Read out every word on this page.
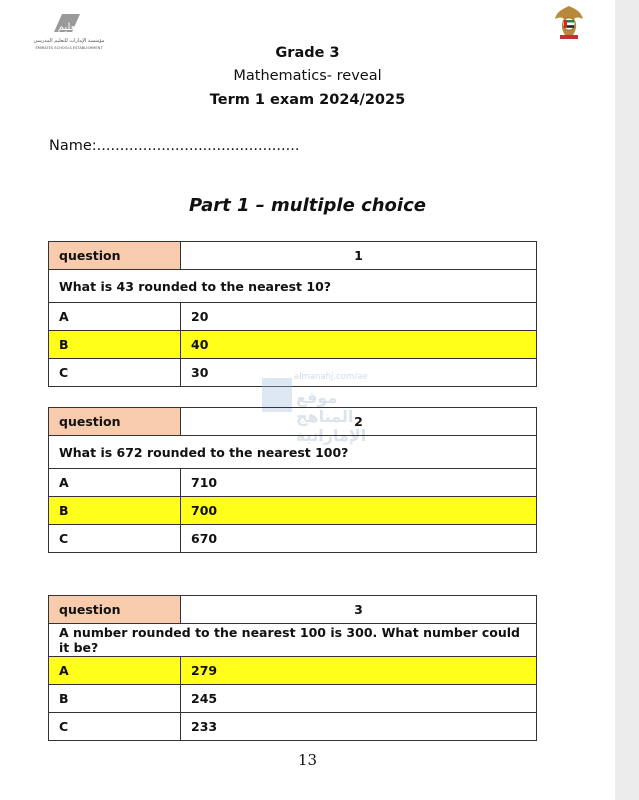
تعليم
مؤسسة الإمارات للتعليم المدرسي
EMIRATES SCHOOLS ESTABLISHMENT	Grade 3
Mathematics- reveal
Term 1 exam 2024/2025
Name:............................................
Part 1 – multiple choice
question	1
What is 43 rounded to the nearest 10?	
A	20
B	40
C	30	almanahj.com/ae
موقع المناهج الإماراتية
question	2
What is 672 rounded to the nearest 100?	
A	710
B	700
C	670
question	3
A number rounded to the nearest 100 is 300. What number could it be?	
A	279
B	245
C	233
13
